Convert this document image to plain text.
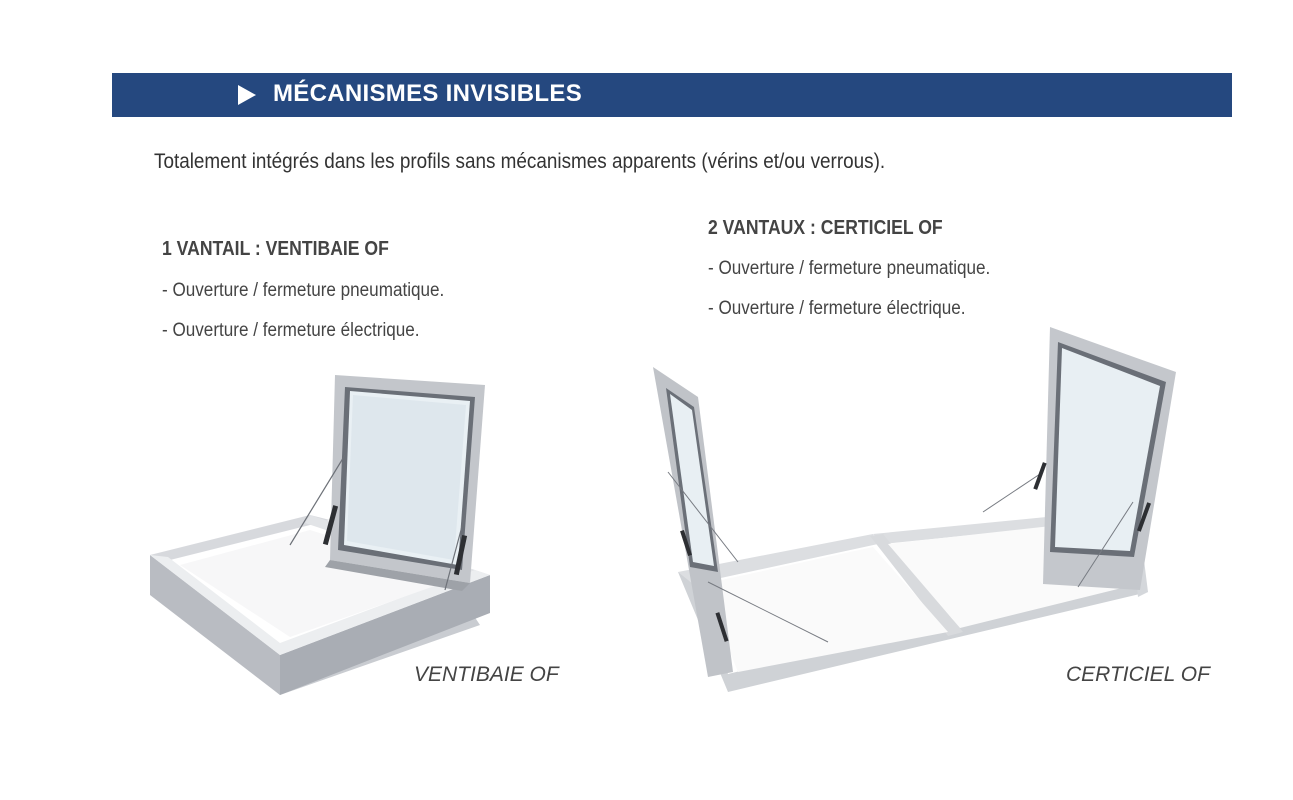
MÉCANISMES INVISIBLES
Totalement intégrés dans les profils sans mécanismes apparents (vérins et/ou verrous).
1 VANTAIL : VENTIBAIE OF
- Ouverture / fermeture pneumatique.
- Ouverture / fermeture électrique.
2 VANTAUX : CERTICIEL OF
- Ouverture / fermeture pneumatique.
- Ouverture / fermeture électrique.
VENTIBAIE OF	CERTICIEL OF
